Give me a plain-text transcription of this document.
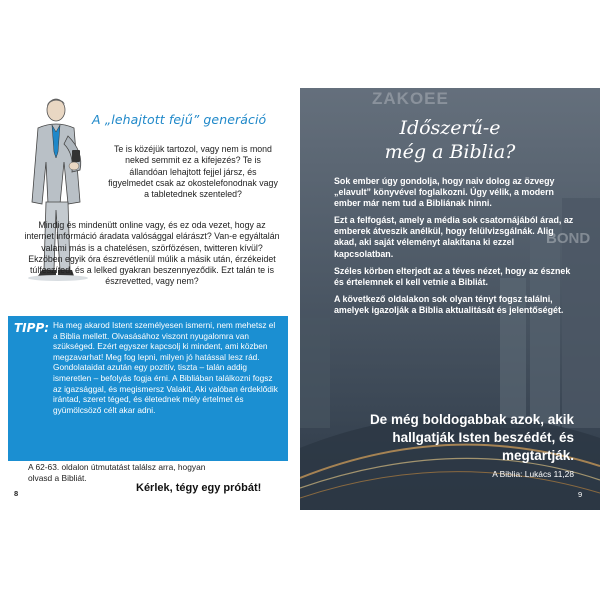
A „lehajtott fejű” generáció
Te is közéjük tartozol, vagy nem is mond neked semmit ez a kifejezés? Te is állandóan lehajtott fejjel jársz, és figyelmedet csak az okostelefonodnak vagy a tabletednek szenteled?
Mindig és mindenütt online vagy, és ez oda vezet, hogy az internet információ áradata valósággal elárászt? Van-e egyáltalán valami más is a chatelésen, szörfözésen, twitteren kívül? Ekzöben egyik óra észrevétlenül múlik a másik után, érzékeidet túlfeszíted, és a lelked gyakran beszennyeződik. Ezt talán te is észrevetted, vagy nem?
TIPP: Ha meg akarod Istent személyesen ismerni, nem mehetsz el a Biblia mellett. Olvasásához viszont nyugalomra van szükséged. Ezért egyszer kapcsolj ki mindent, ami közben megzavarhat! Meg fog lepni, milyen jó hatással lesz rád. Gondolataidat azután egy pozitív, tiszta – talán addig ismeretlen – befolyás fogja érni. A Bibliában találkozni fogsz az igazsággal, és megismersz Valakit, Aki valóban érdeklődik irántad, szeret téged, és életednek mély értelmet és gyümölcsöző célt akar adni.
A 62-63. oldalon útmutatást találsz arra, hogyan olvasd a Bibliát.
Kérlek, tégy egy próbát!
8
ZAKOEE
Időszerű-e
még a Biblia?

Sok ember úgy gondolja, hogy naiv dolog az özvegy „elavult” könyvével foglalkozni. Úgy vélik, a modern ember már nem tud a Bibliának hinni.

Ezt a felfogást, amely a média sok csatornájából árad, az emberek átveszik anélkül, hogy felülvizsgálnák. Alig akad, aki saját véleményt alakítana ki ezzel kapcsolatban.

Széles körben elterjedt az a téves nézet, hogy az észnek és értelemnek el kell vetnie a Bibliát.

A következő oldalakon sok olyan tényt fogsz találni, amelyek igazolják a Biblia aktualitását és jelentőségét.

BOND
De még boldogabbak azok, akik hallgatják Isten beszédét, és megtartják.
A Biblia: Lukács 11,28
9
